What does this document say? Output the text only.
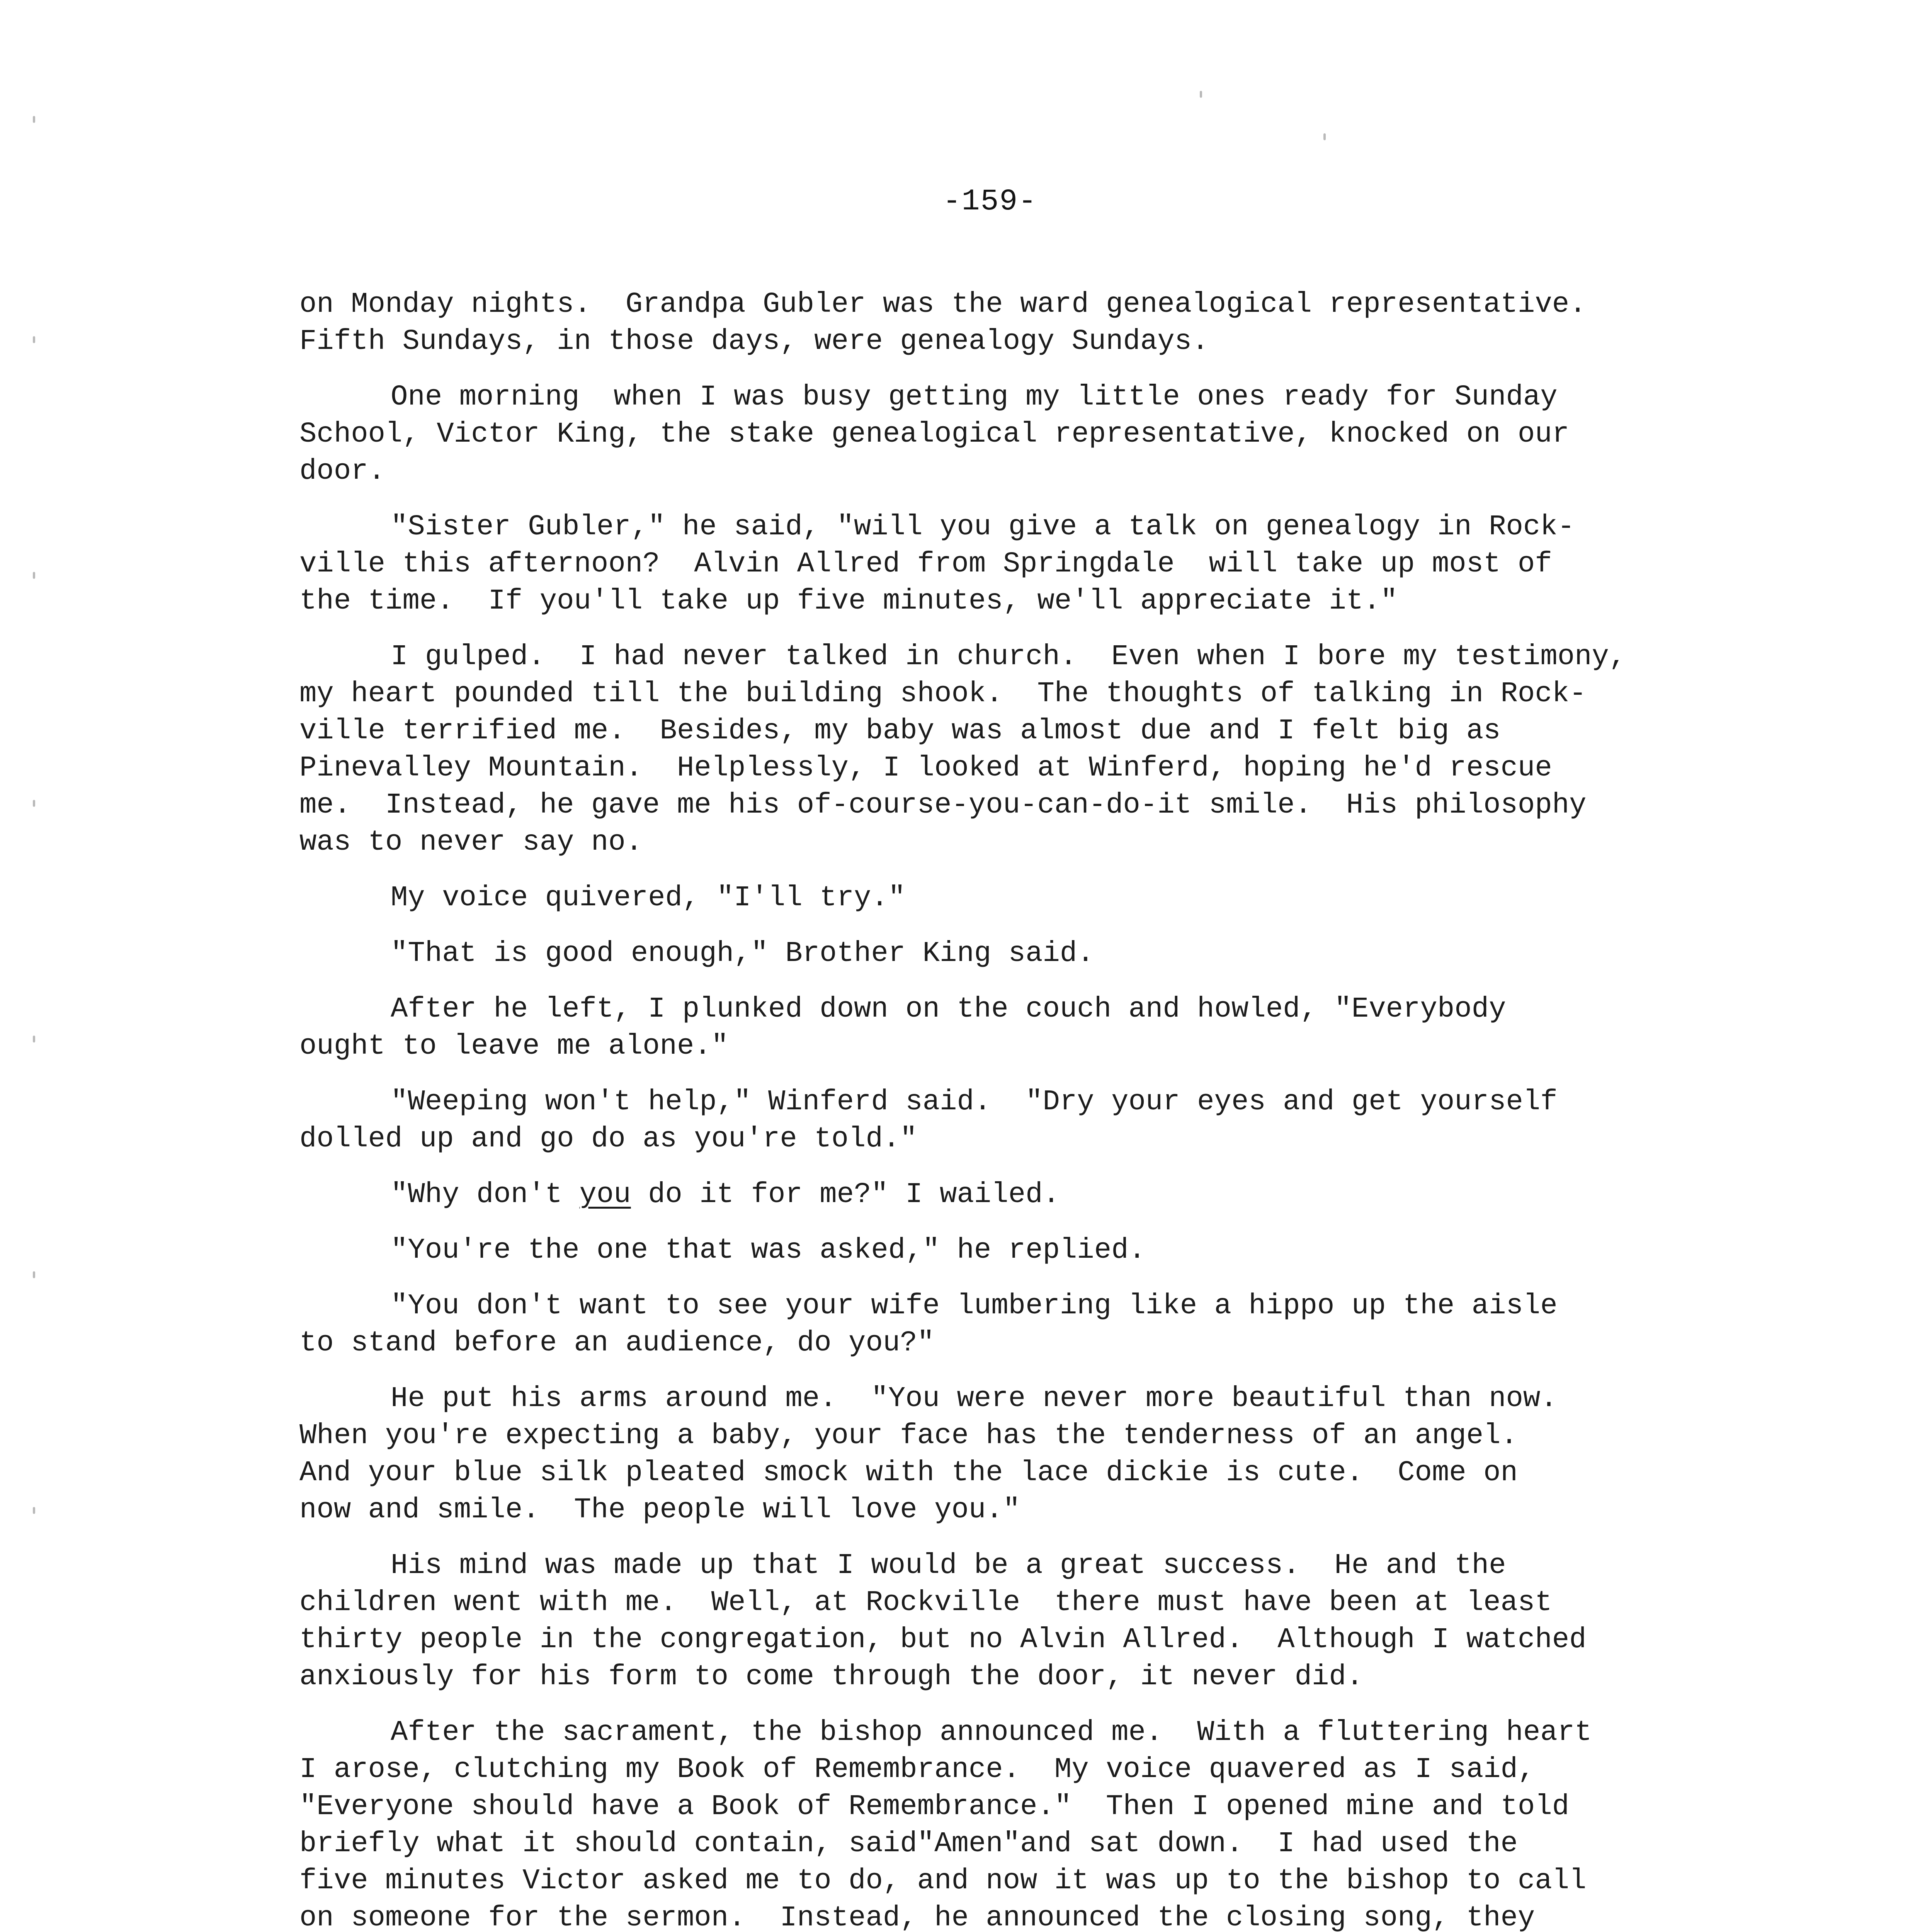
-159-
on Monday nights.  Grandpa Gubler was the ward genealogical representative.
Fifth Sundays, in those days, were genealogy Sundays.
One morning  when I was busy getting my little ones ready for Sunday
School, Victor King, the stake genealogical representative, knocked on our
door.
"Sister Gubler," he said, "will you give a talk on genealogy in Rock-
ville this afternoon?  Alvin Allred from Springdale  will take up most of
the time.  If you'll take up five minutes, we'll appreciate it."
I gulped.  I had never talked in church.  Even when I bore my testimony,
my heart pounded till the building shook.  The thoughts of talking in Rock-
ville terrified me.  Besides, my baby was almost due and I felt big as
Pinevalley Mountain.  Helplessly, I looked at Winferd, hoping he'd rescue
me.  Instead, he gave me his of-course-you-can-do-it smile.  His philosophy
was to never say no.
My voice quivered, "I'll try."
"That is good enough," Brother King said.
After he left, I plunked down on the couch and howled, "Everybody
ought to leave me alone."
"Weeping won't help," Winferd said.  "Dry your eyes and get yourself
dolled up and go do as you're told."
"Why don't you do it for me?" I wailed.
"You're the one that was asked," he replied.
"You don't want to see your wife lumbering like a hippo up the aisle
to stand before an audience, do you?"
He put his arms around me.  "You were never more beautiful than now.
When you're expecting a baby, your face has the tenderness of an angel.
And your blue silk pleated smock with the lace dickie is cute.  Come on
now and smile.  The people will love you."
His mind was made up that I would be a great success.  He and the
children went with me.  Well, at Rockville  there must have been at least
thirty people in the congregation, but no Alvin Allred.  Although I watched
anxiously for his form to come through the door, it never did.
After the sacrament, the bishop announced me.  With a fluttering heart
I arose, clutching my Book of Remembrance.  My voice quavered as I said,
"Everyone should have a Book of Remembrance."  Then I opened mine and told
briefly what it should contain, said"Amen"and sat down.  I had used the
five minutes Victor asked me to do, and now it was up to the bishop to call
on someone for the sermon.  Instead, he announced the closing song, they
